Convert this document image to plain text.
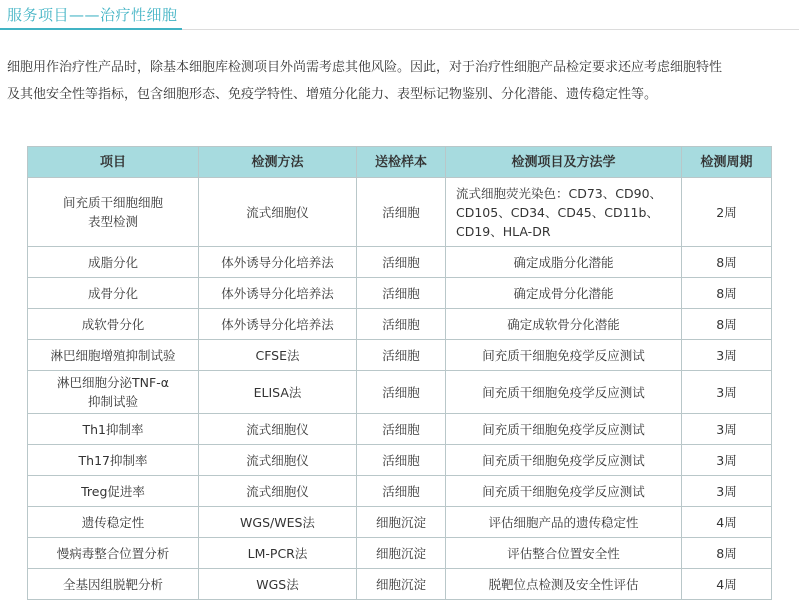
服务项目——治疗性细胞

细胞用作治疗性产品时，除基本细胞库检测项目外尚需考虑其他风险。因此，对于治疗性细胞产品检定要求还应考虑细胞特性

及其他安全性等指标，包含细胞形态、免疫学特性、增殖分化能力、表型标记物鉴别、分化潜能、遗传稳定性等。

项目	检测方法	送检样本	检测项目及方法学	检测周期
间充质干细胞细胞
表型检测	流式细胞仪	活细胞	流式细胞荧光染色：CD73、CD90、CD105、CD34、CD45、CD11b、CD19、HLA-DR	2周
成脂分化	体外诱导分化培养法	活细胞	确定成脂分化潜能	8周
成骨分化	体外诱导分化培养法	活细胞	确定成骨分化潜能	8周
成软骨分化	体外诱导分化培养法	活细胞	确定成软骨分化潜能	8周
淋巴细胞增殖抑制试验	CFSE法	活细胞	间充质干细胞免疫学反应测试	3周
淋巴细胞分泌TNF-α
抑制试验	ELISA法	活细胞	间充质干细胞免疫学反应测试	3周
Th1抑制率	流式细胞仪	活细胞	间充质干细胞免疫学反应测试	3周
Th17抑制率	流式细胞仪	活细胞	间充质干细胞免疫学反应测试	3周
Treg促进率	流式细胞仪	活细胞	间充质干细胞免疫学反应测试	3周
遗传稳定性	WGS/WES法	细胞沉淀	评估细胞产品的遗传稳定性	4周
慢病毒整合位置分析	LM-PCR法	细胞沉淀	评估整合位置安全性	8周
全基因组脱靶分析	WGS法	细胞沉淀	脱靶位点检测及安全性评估	4周
